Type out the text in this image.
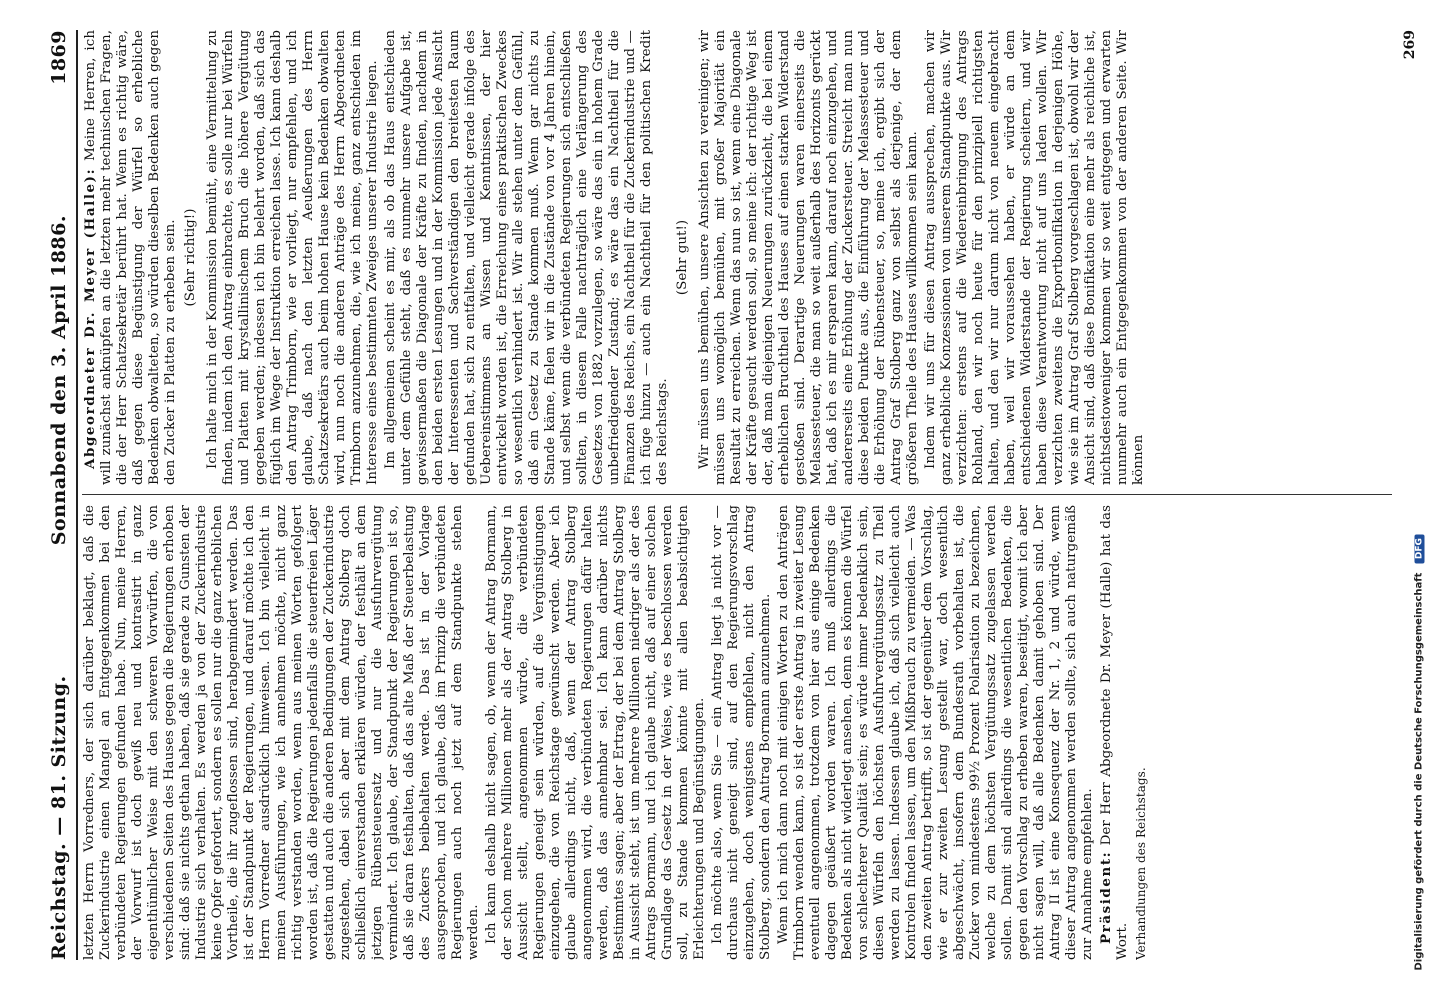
Reichstag. — 81. Sitzung.
Sonnabend den 3. April 1886.
1869

letzten Herrn Vorredners, der sich darüber beklagt, daß die Zuckerindustrie einen Mangel an Entgegenkommen bei den verbündeten Regierungen gefunden habe. Nun, meine Herren, der Vorwurf ist doch gewiß neu und kontrastirt in ganz eigenthümlicher Weise mit den schweren Vorwürfen, die von verschiedenen Seiten des Hauses gegen die Regierungen erhoben sind: daß sie nichts gethan haben, daß sie gerade zu Gunsten der Industrie sich verhalten. Es werden ja von der Zuckerindustrie keine Opfer gefordert, sondern es sollen nur die ganz erheblichen Vortheile, die ihr zugeflossen sind, herabgemindert werden. Das ist der Standpunkt der Regierungen, und darauf möchte ich den Herrn Vorredner ausdrücklich hinweisen. Ich bin vielleicht in meinen Ausführungen, wie ich annehmen möchte, nicht ganz richtig verstanden worden, wenn aus meinen Worten gefolgert worden ist, daß die Regierungen jedenfalls die steuerfreien Läger gestatten und auch die anderen Bedingungen der Zuckerindustrie zugestehen, dabei sich aber mit dem Antrag Stolberg doch schließlich einverstanden erklären würden, der festhält an dem jetzigen Rübensteuersatz und nur die Ausfuhrvergütung vermindert. Ich glaube, der Standpunkt der Regierungen ist so, daß sie daran festhalten, daß das alte Maß der Steuerbelastung des Zuckers beibehalten werde. Das ist in der Vorlage ausgesprochen, und ich glaube, daß im Prinzip die verbündeten Regierungen auch noch jetzt auf dem Standpunkte stehen werden. Ich kann deshalb nicht sagen, ob, wenn der Antrag Bormann, der schon mehrere Millionen mehr als der Antrag Stolberg in Aussicht stellt, angenommen würde, die verbündeten Regierungen geneigt sein würden, auf die Vergünstigungen einzugehen, die von Reichstage gewünscht werden. Aber ich glaube allerdings nicht, daß, wenn der Antrag Stolberg angenommen wird, die verbündeten Regierungen dafür halten werden, daß das annehmbar sei. Ich kann darüber nichts Bestimmtes sagen; aber der Ertrag, der bei dem Antrag Stolberg in Aussicht steht, ist um mehrere Millionen niedriger als der des Antrags Bormann, und ich glaube nicht, daß auf einer solchen Grundlage das Gesetz in der Weise, wie es beschlossen werden soll, zu Stande kommen könnte mit allen beabsichtigten Erleichterungen und Begünstigungen. Ich möchte also, wenn Sie — ein Antrag liegt ja nicht vor — durchaus nicht geneigt sind, auf den Regierungsvorschlag einzugehen, doch wenigstens empfehlen, nicht den Antrag Stolberg, sondern den Antrag Bormann anzunehmen. Wenn ich mich dann noch mit einigen Worten zu den Anträgen Trimborn wenden kann, so ist der erste Antrag in zweiter Lesung eventuell angenommen, trotzdem von hier aus einige Bedenken dagegen geäußert worden waren. Ich muß allerdings die Bedenken als nicht widerlegt ansehen, denn es können die Würfel von schlechterer Qualität sein; es würde immer bedenklich sein, diesen Würfeln den höchsten Ausfuhrvergütungssatz zu Theil werden zu lassen. Indessen glaube ich, daß sich vielleicht auch Kontrolen finden lassen, um den Mißbrauch zu vermeiden. — Was den zweiten Antrag betrifft, so ist der gegenüber dem Vorschlag, wie er zur zweiten Lesung gestellt war, doch wesentlich abgeschwächt, insofern dem Bundesrath vorbehalten ist, die Zucker von mindestens 99½ Prozent Polarisation zu bezeichnen, welche zu dem höchsten Vergütungssatz zugelassen werden sollen. Damit sind allerdings die wesentlichen Bedenken, die gegen den Vorschlag zu erheben waren, beseitigt, womit ich aber nicht sagen will, daß alle Bedenken damit gehoben sind. Der Antrag II ist eine Konsequenz der Nr. 1, 2 und würde, wenn dieser Antrag angenommen werden sollte, sich auch naturgemäß zur Annahme empfehlen. Präsident: Der Herr Abgeordnete Dr. Meyer (Halle) hat das Wort. Verhandlungen des Reichstags.

Abgeordneter Dr. Meyer (Halle): Meine Herren, ich will zunächst anknüpfen an die letzten mehr technischen Fragen, die der Herr Schatzsekretär berührt hat. Wenn es richtig wäre, daß gegen diese Begünstigung der Würfel so erhebliche Bedenken obwalteten, so würden dieselben Bedenken auch gegen den Zucker in Platten zu erheben sein. (Sehr richtig!) Ich halte mich in der Kommission bemüht, eine Vermittelung zu finden, indem ich den Antrag einbrachte, es solle nur bei Würfeln und Platten mit krystallinischem Bruch die höhere Vergütung gegeben werden; indessen ich bin belehrt worden, daß sich das füglich im Wege der Instruktion erreichen lasse. Ich kann deshalb den Antrag Trimborn, wie er vorliegt, nur empfehlen, und ich glaube, daß nach den letzten Aeußerungen des Herrn Schatzsekretärs auch beim hohen Hause kein Bedenken obwalten wird, nun noch die anderen Anträge des Herrn Abgeordneten Trimborn anzunehmen, die, wie ich meine, ganz entschieden im Interesse eines bestimmten Zweiges unserer Industrie liegen. Im allgemeinen scheint es mir, als ob das Haus entschieden unter dem Gefühle steht, daß es nunmehr unsere Aufgabe ist, gewissermaßen die Diagonale der Kräfte zu finden, nachdem in den beiden ersten Lesungen und in der Kommission jede Ansicht der Interessenten und Sachverständigen den breitesten Raum gefunden hat, sich zu entfalten, und vielleicht gerade infolge des Uebereinstimmens an Wissen und Kenntnissen, der hier entwickelt worden ist, die Erreichung eines praktischen Zweckes so wesentlich verhindert ist. Wir alle stehen unter dem Gefühl, daß ein Gesetz zu Stande kommen muß. Wenn gar nichts zu Stande käme, fielen wir in die Zustände von vor 4 Jahren hinein, und selbst wenn die verbündeten Regierungen sich entschließen sollten, in diesem Falle nachträglich eine Verlängerung des Gesetzes von 1882 vorzulegen, so wäre das ein in hohem Grade unbefriedigender Zustand; es wäre das ein Nachtheil für die Finanzen des Reichs, ein Nachtheil für die Zuckerindustrie und — ich füge hinzu — auch ein Nachtheil für den politischen Kredit des Reichstags.

(Sehr gut!) Wir müssen uns bemühen, unsere Ansichten zu vereinigen; wir müssen uns womöglich bemühen, mit großer Majorität ein Resultat zu erreichen. Wenn das nun so ist, wenn eine Diagonale der Kräfte gesucht werden soll, so meine ich: der richtige Weg ist der, daß man diejenigen Neuerungen zurückzieht, die bei einem erheblichen Bruchtheil des Hauses auf einen starken Widerstand gestoßen sind. Derartige Neuerungen waren einerseits die Melassesteuer, die man so weit außerhalb des Horizonts gerückt hat, daß ich es mir ersparen kann, darauf noch einzugehen, und andererseits eine Erhöhung der Zuckersteuer. Streicht man nun diese beiden Punkte aus, die Einführung der Melassesteuer und die Erhöhung der Rübensteuer, so, meine ich, ergibt sich der Antrag Graf Stolberg ganz von selbst als derjenige, der dem größeren Theile des Hauses willkommen sein kann. Indem wir uns für diesen Antrag aussprechen, machen wir ganz erhebliche Konzessionen von unserem Standpunkte aus. Wir verzichten: erstens auf die Wiedereinbringung des Antrags Rohland, den wir noch heute für den prinzipiell richtigsten halten, und den wir nur darum nicht von neuem eingebracht haben, weil wir voraussehen haben, er würde an dem entschiedenen Widerstande der Regierung scheitern, und wir haben diese Verantwortung nicht auf uns laden wollen. Wir verzichten zweitens die Exportbonifikation in derjenigen Höhe, wie sie im Antrag Graf Stolberg vorgeschlagen ist, obwohl wir der Ansicht sind, daß diese Bonifikation eine mehr als reichliche ist, nichtsdestoweniger kommen wir so weit entgegen und erwarten nunmehr auch ein Entgegenkommen von der anderen Seite. Wir können

269
Digitalisierung gefördert durch die Deutsche Forschungsgemeinschaft DFG
